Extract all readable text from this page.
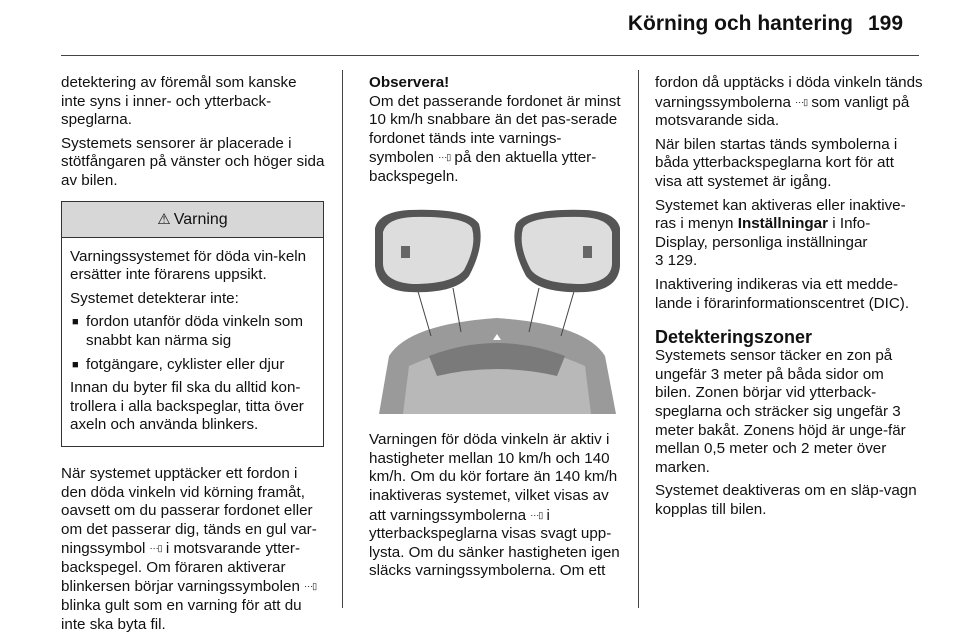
Körning och hantering 199

detektering av föremål som kanske inte syns i inner- och ytterback-speglarna.

Systemets sensorer är placerade i stötfångaren på vänster och höger sida av bilen.

⚠ Varning

Varningssystemet för döda vin-keln ersätter inte förarens uppsikt.

Systemet detekterar inte:

■ fordon utanför döda vinkeln som snabbt kan närma sig
■ fotgängare, cyklister eller djur

Innan du byter fil ska du alltid kon-trollera i alla backspeglar, titta över axeln och använda blinkers.

När systemet upptäcker ett fordon i den döda vinkeln vid körning framåt, oavsett om du passerar fordonet eller om det passerar dig, tänds en gul var-ningssymbol ⋯▯ i motsvarande ytter-backspegel. Om föraren aktiverar blinkersen börjar varningssymbolen ⋯▯ blinka gult som en varning för att du inte ska byta fil.

Observera!

Om det passerande fordonet är minst 10 km/h snabbare än det pas-serade fordonet tänds inte varnings-symbolen ⋯▯ på den aktuella ytter-backspegeln.

Varningen för döda vinkeln är aktiv i hastigheter mellan 10 km/h och 140 km/h. Om du kör fortare än 140 km/h inaktiveras systemet, vilket visas av att varningssymbolerna ⋯▯ i ytterbackspeglarna visas svagt upp-lysta. Om du sänker hastigheten igen släcks varningssymbolerna. Om ett

fordon då upptäcks i döda vinkeln tänds varningssymbolerna ⋯▯ som vanligt på motsvarande sida.

När bilen startas tänds symbolerna i båda ytterbackspeglarna kort för att visa att systemet är igång.

Systemet kan aktiveras eller inaktive-ras i menyn Inställningar i Info-Display, personliga inställningar
3 129.

Inaktivering indikeras via ett medde-lande i förarinformationscentret (DIC).

Detekteringszoner

Systemets sensor täcker en zon på ungefär 3 meter på båda sidor om bilen. Zonen börjar vid ytterback-speglarna och sträcker sig ungefär 3 meter bakåt. Zonens höjd är unge-fär mellan 0,5 meter och 2 meter över marken.

Systemet deaktiveras om en släp-vagn kopplas till bilen.
